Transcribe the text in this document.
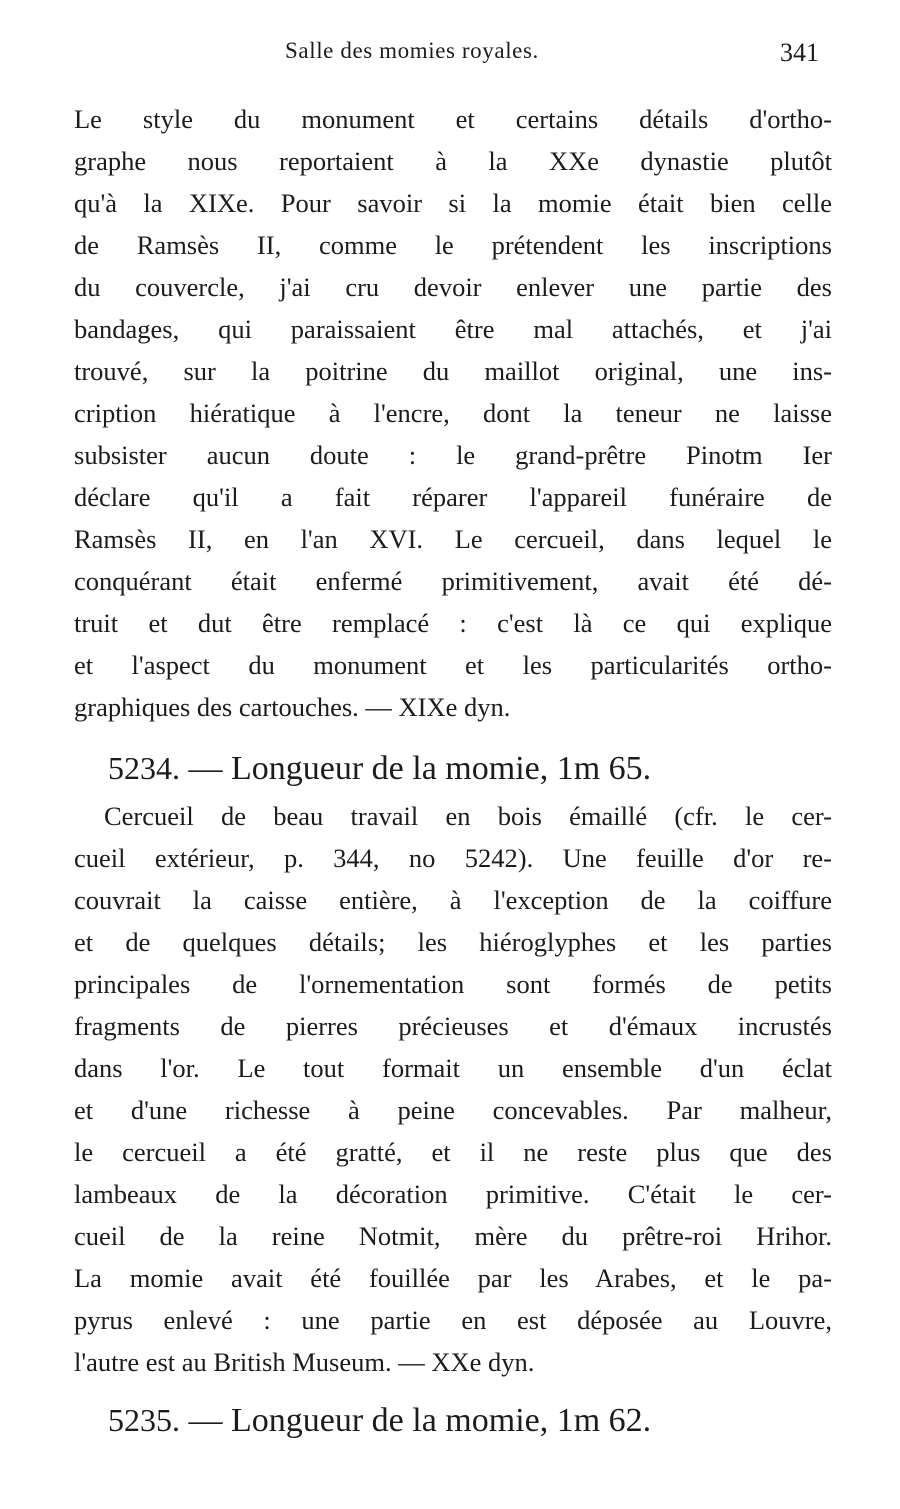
Salle des momies royales.	341
Le style du monument et certains détails d'ortho-
graphe nous reportaient à la XXe dynastie plutôt
qu'à la XIXe. Pour savoir si la momie était bien celle
de Ramsès II, comme le prétendent les inscriptions
du couvercle, j'ai cru devoir enlever une partie des
bandages, qui paraissaient être mal attachés, et j'ai
trouvé, sur la poitrine du maillot original, une ins-
cription hiératique à l'encre, dont la teneur ne laisse
subsister aucun doute : le grand-prêtre Pinotm Ier
déclare qu'il a fait réparer l'appareil funéraire de
Ramsès II, en l'an XVI. Le cercueil, dans lequel le
conquérant était enfermé primitivement, avait été dé-
truit et dut être remplacé : c'est là ce qui explique
et l'aspect du monument et les particularités ortho-
graphiques des cartouches. — XIXe dyn.
5234. — Longueur de la momie, 1m 65.
Cercueil de beau travail en bois émaillé (cfr. le cer-
cueil extérieur, p. 344, no 5242). Une feuille d'or re-
couvrait la caisse entière, à l'exception de la coiffure
et de quelques détails; les hiéroglyphes et les parties
principales de l'ornementation sont formés de petits
fragments de pierres précieuses et d'émaux incrustés
dans l'or. Le tout formait un ensemble d'un éclat
et d'une richesse à peine concevables. Par malheur,
le cercueil a été gratté, et il ne reste plus que des
lambeaux de la décoration primitive. C'était le cer-
cueil de la reine Notmit, mère du prêtre-roi Hrihor.
La momie avait été fouillée par les Arabes, et le pa-
pyrus enlevé : une partie en est déposée au Louvre,
l'autre est au British Museum. — XXe dyn.
5235. — Longueur de la momie, 1m 62.
